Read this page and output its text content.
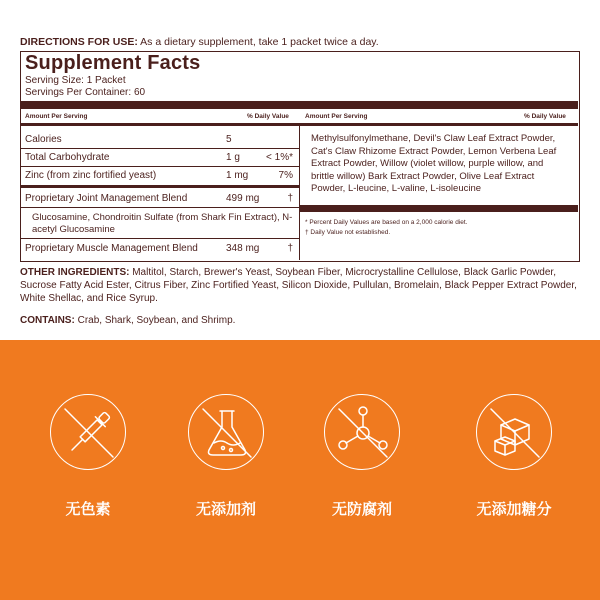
DIRECTIONS FOR USE: As a dietary supplement, take 1 packet twice a day.
Supplement Facts
Serving Size: 1 Packet
Servings Per Container: 60
Amount Per Serving	% Daily Value Amount Per Serving	% Daily Value
Calories	5
Total Carbohydrate	1 g	< 1%*
Zinc (from zinc fortified yeast)	1 mg	7%
Proprietary Joint Management Blend	499 mg	†
Glucosamine, Chondroitin Sulfate (from Shark Fin Extract), N-acetyl Glucosamine
Proprietary Muscle Management Blend	348 mg	†
Methylsulfonylmethane, Devil's Claw Leaf Extract Powder, Cat's Claw Rhizome Extract Powder, Lemon Verbena Leaf Extract Powder, Willow (violet willow, purple willow, and brittle willow) Bark Extract Powder, Olive Leaf Extract Powder, L-leucine, L-valine, L-isoleucine
* Percent Daily Values are based on a 2,000 calorie diet.
† Daily Value not established.
OTHER INGREDIENTS: Maltitol, Starch, Brewer's Yeast, Soybean Fiber, Microcrystalline Cellulose, Black Garlic Powder, Sucrose Fatty Acid Ester, Citrus Fiber, Zinc Fortified Yeast, Silicon Dioxide, Pullulan, Bromelain, Black Pepper Extract Powder, White Shellac, and Rice Syrup.
CONTAINS: Crab, Shark, Soybean, and Shrimp.
无色素	无添加剂	无防腐剂	无添加糖分
